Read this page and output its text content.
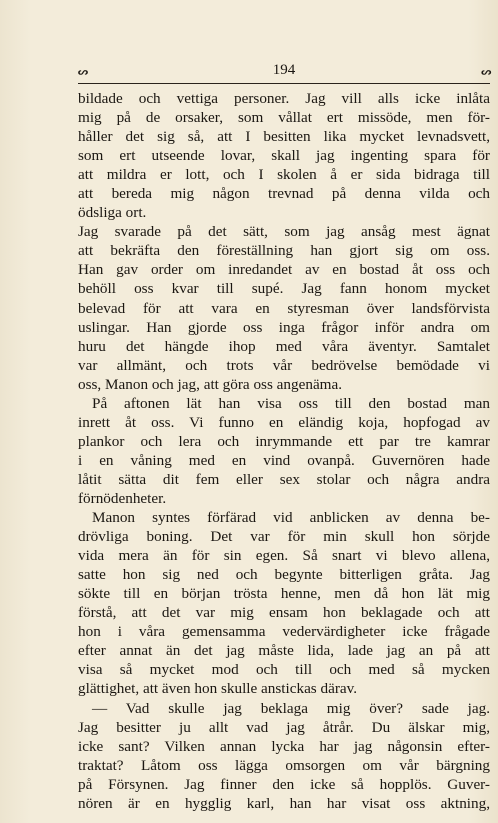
ᔕ	194	ᔕ
bildade och vettiga personer. Jag vill alls icke inlåta
mig på de orsaker, som vållat ert missöde, men för-
håller det sig så, att I besitten lika mycket levnadsvett,
som ert utseende lovar, skall jag ingenting spara för
att mildra er lott, och I skolen å er sida bidraga till
att bereda mig någon trevnad på denna vilda och
ödsliga ort.
Jag svarade på det sätt, som jag ansåg mest ägnat
att bekräfta den föreställning han gjort sig om oss.
Han gav order om inredandet av en bostad åt oss och
behöll oss kvar till supé. Jag fann honom mycket
belevad för att vara en styresman över landsförvista
uslingar. Han gjorde oss inga frågor inför andra om
huru det hängde ihop med våra äventyr. Samtalet
var allmänt, och trots vår bedrövelse bemödade vi
oss, Manon och jag, att göra oss angenäma.
På aftonen lät han visa oss till den bostad man
inrett åt oss. Vi funno en eländig koja, hopfogad av
plankor och lera och inrymmande ett par tre kamrar
i en våning med en vind ovanpå. Guvernören hade
låtit sätta dit fem eller sex stolar och några andra
förnödenheter.
Manon syntes förfärad vid anblicken av denna be-
drövliga boning. Det var för min skull hon sörjde
vida mera än för sin egen. Så snart vi blevo allena,
satte hon sig ned och begynte bitterligen gråta. Jag
sökte till en början trösta henne, men då hon lät mig
förstå, att det var mig ensam hon beklagade och att
hon i våra gemensamma vedervärdigheter icke frågade
efter annat än det jag måste lida, lade jag an på att
visa så mycket mod och till och med så mycken
glättighet, att även hon skulle anstickas därav.
— Vad skulle jag beklaga mig över? sade jag.
Jag besitter ju allt vad jag åtrår. Du älskar mig,
icke sant? Vilken annan lycka har jag någonsin efter-
traktat? Låtom oss lägga omsorgen om vår bärgning
på Försynen. Jag finner den icke så hopplös. Guver-
nören är en hygglig karl, han har visat oss aktning,
